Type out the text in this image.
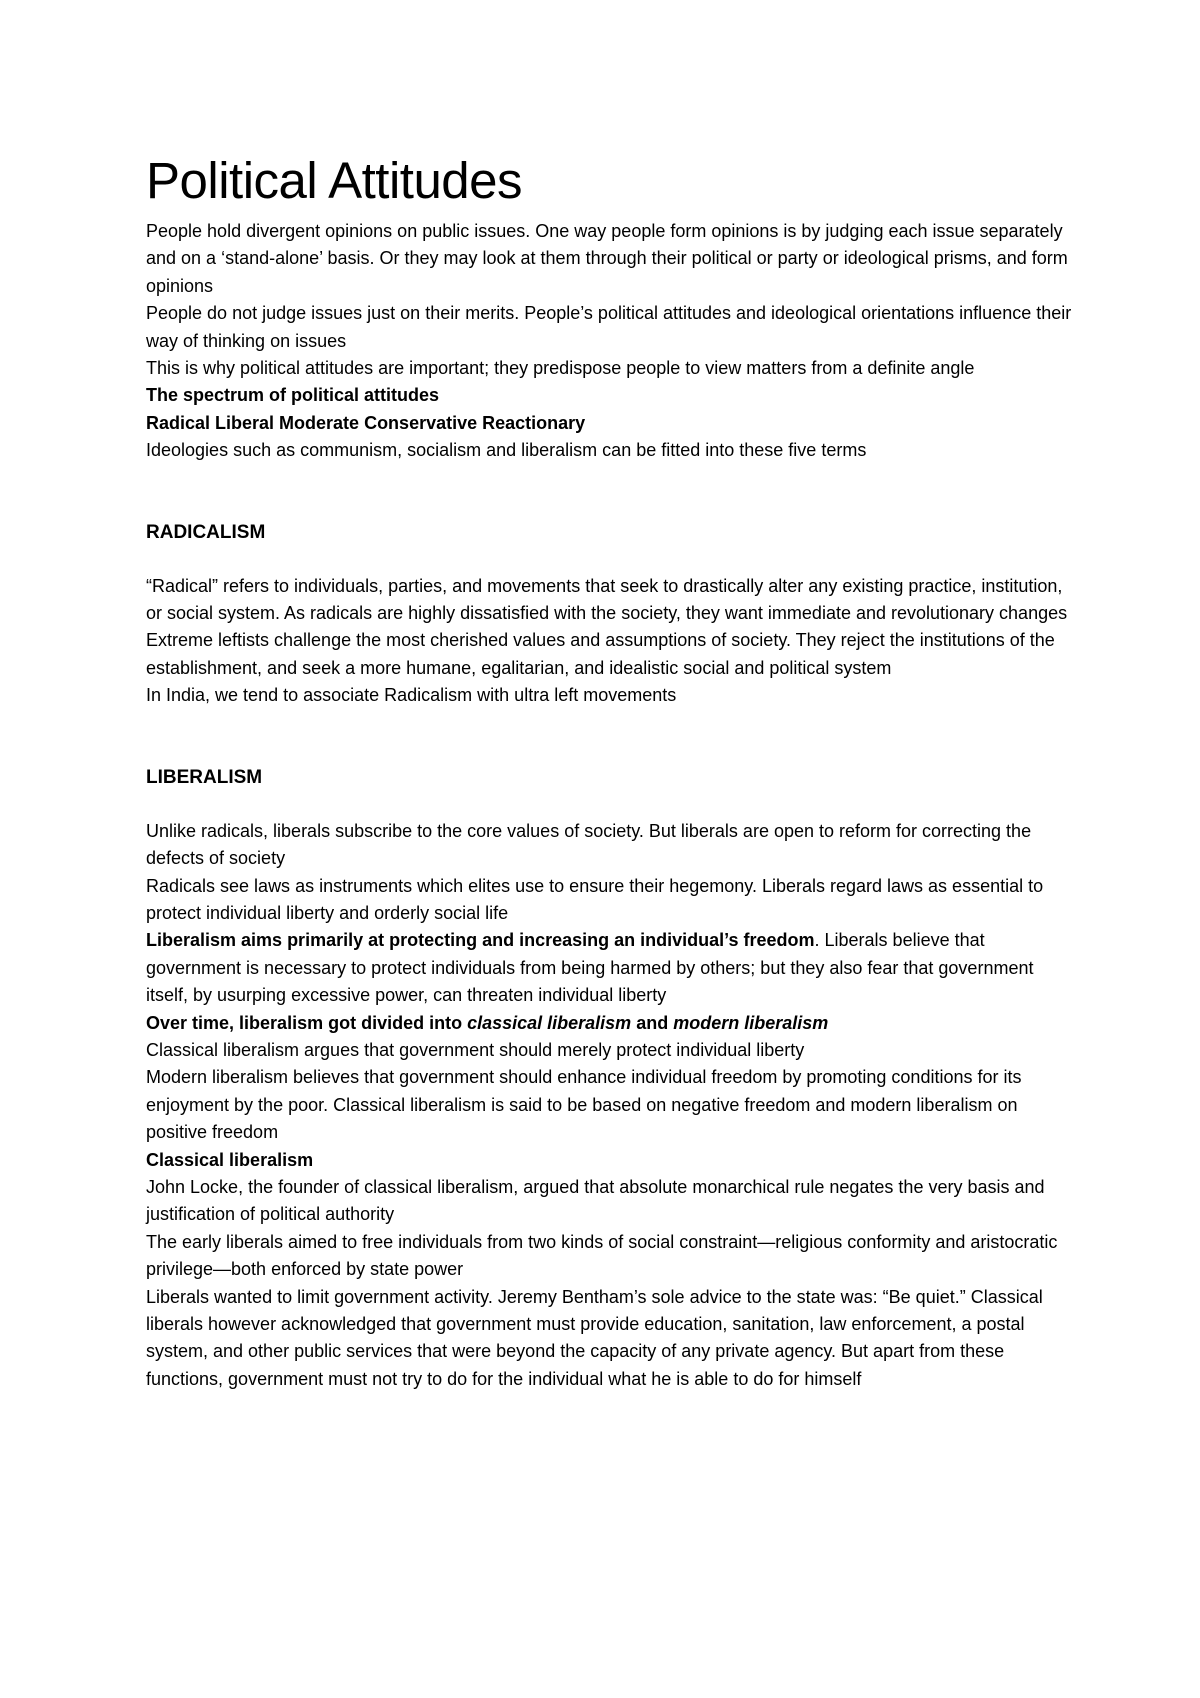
Political Attitudes

People hold divergent opinions on public issues. One way people form opinions is by judging each issue separately and on a ‘stand-alone’ basis. Or they may look at them through their political or party or ideological prisms, and form opinions

People do not judge issues just on their merits. People’s political attitudes and ideological orientations influence their way of thinking on issues

This is why political attitudes are important; they predispose people to view matters from a definite angle

The spectrum of political attitudes

Radical Liberal Moderate Conservative Reactionary

Ideologies such as communism, socialism and liberalism can be fitted into these five terms

RADICALISM

“Radical” refers to individuals, parties, and movements that seek to drastically alter any existing practice, institution, or social system. As radicals are highly dissatisfied with the society, they want immediate and revolutionary changes

Extreme leftists challenge the most cherished values and assumptions of society. They reject the institutions of the establishment, and seek a more humane, egalitarian, and idealistic social and political system

In India, we tend to associate Radicalism with ultra left movements

LIBERALISM

Unlike radicals, liberals subscribe to the core values of society. But liberals are open to reform for correcting the defects of society

Radicals see laws as instruments which elites use to ensure their hegemony. Liberals regard laws as essential to protect individual liberty and orderly social life

Liberalism aims primarily at protecting and increasing an individual’s freedom. Liberals believe that government is necessary to protect individuals from being harmed by others; but they also fear that government itself, by usurping excessive power, can threaten individual liberty

Over time, liberalism got divided into classical liberalism and modern liberalism

Classical liberalism argues that government should merely protect individual liberty

Modern liberalism believes that government should enhance individual freedom by promoting conditions for its enjoyment by the poor. Classical liberalism is said to be based on negative freedom and modern liberalism on positive freedom

Classical liberalism

John Locke, the founder of classical liberalism, argued that absolute monarchical rule negates the very basis and justification of political authority

The early liberals aimed to free individuals from two kinds of social constraint—religious conformity and aristocratic privilege—both enforced by state power

Liberals wanted to limit government activity. Jeremy Bentham’s sole advice to the state was: “Be quiet.” Classical liberals however acknowledged that government must provide education, sanitation, law enforcement, a postal system, and other public services that were beyond the capacity of any private agency. But apart from these functions, government must not try to do for the individual what he is able to do for himself
